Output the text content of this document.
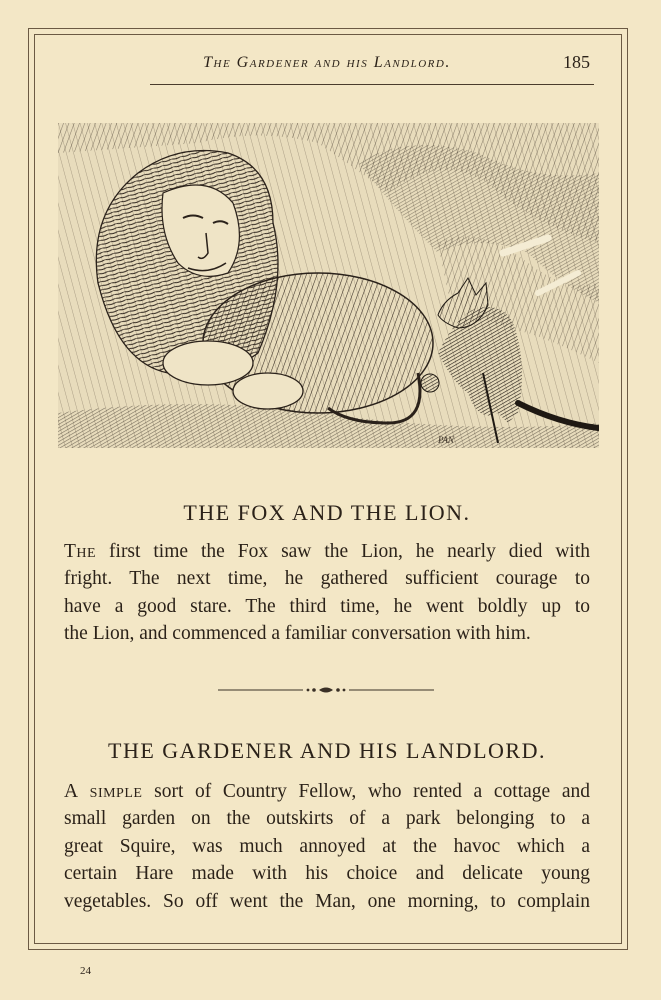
The Gardener and his Landlord.	185
PAN
THE FOX AND THE LION.
The first time the Fox saw the Lion, he nearly died with
fright. The next time, he gathered sufficient courage to
have a good stare. The third time, he went boldly up to
the Lion, and commenced a familiar conversation with him.
THE GARDENER AND HIS LANDLORD.
A simple sort of Country Fellow, who rented a cottage and
small garden on the outskirts of a park belonging to a
great Squire, was much annoyed at the havoc which a
certain Hare made with his choice and delicate young
vegetables. So off went the Man, one morning, to complain
24
